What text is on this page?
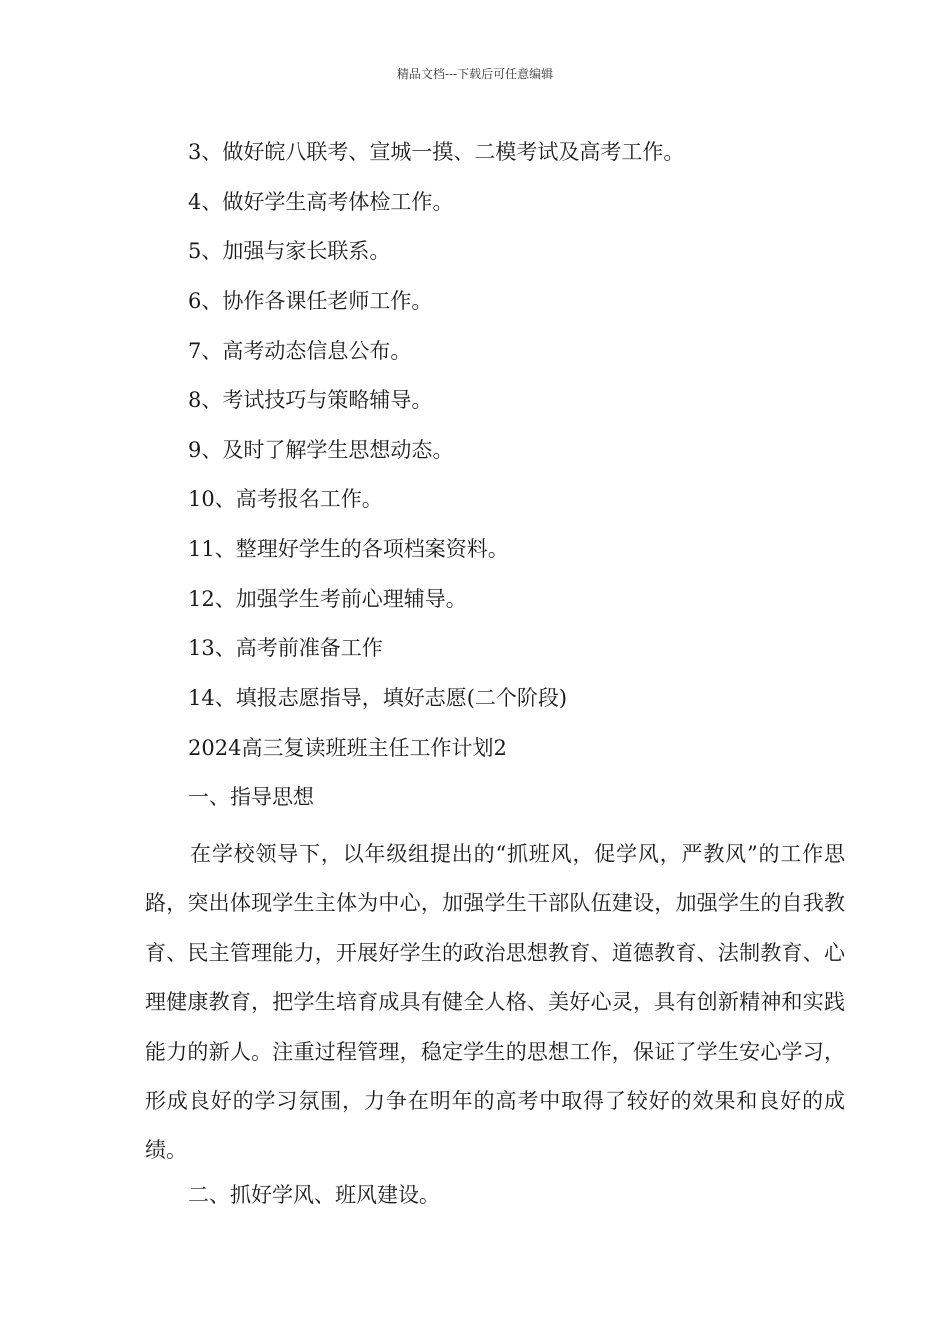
精品文档---下载后可任意编辑
3、做好皖八联考、宣城一摸、二模考试及高考工作。
4、做好学生高考体检工作。
5、加强与家长联系。
6、协作各课任老师工作。
7、高考动态信息公布。
8、考试技巧与策略辅导。
9、及时了解学生思想动态。
10、高考报名工作。
11、整理好学生的各项档案资料。
12、加强学生考前心理辅导。
13、高考前准备工作
14、填报志愿指导，填好志愿(二个阶段)
2024高三复读班班主任工作计划2
一、指导思想
在学校领导下，以年级组提出的“抓班风，促学风，严教风”的工作思路，突出体现学生主体为中心，加强学生干部队伍建设，加强学生的自我教育、民主管理能力，开展好学生的政治思想教育、道德教育、法制教育、心理健康教育，把学生培育成具有健全人格、美好心灵，具有创新精神和实践能力的新人。注重过程管理，稳定学生的思想工作，保证了学生安心学习，形成良好的学习氛围，力争在明年的高考中取得了较好的效果和良好的成绩。
二、抓好学风、班风建设。
